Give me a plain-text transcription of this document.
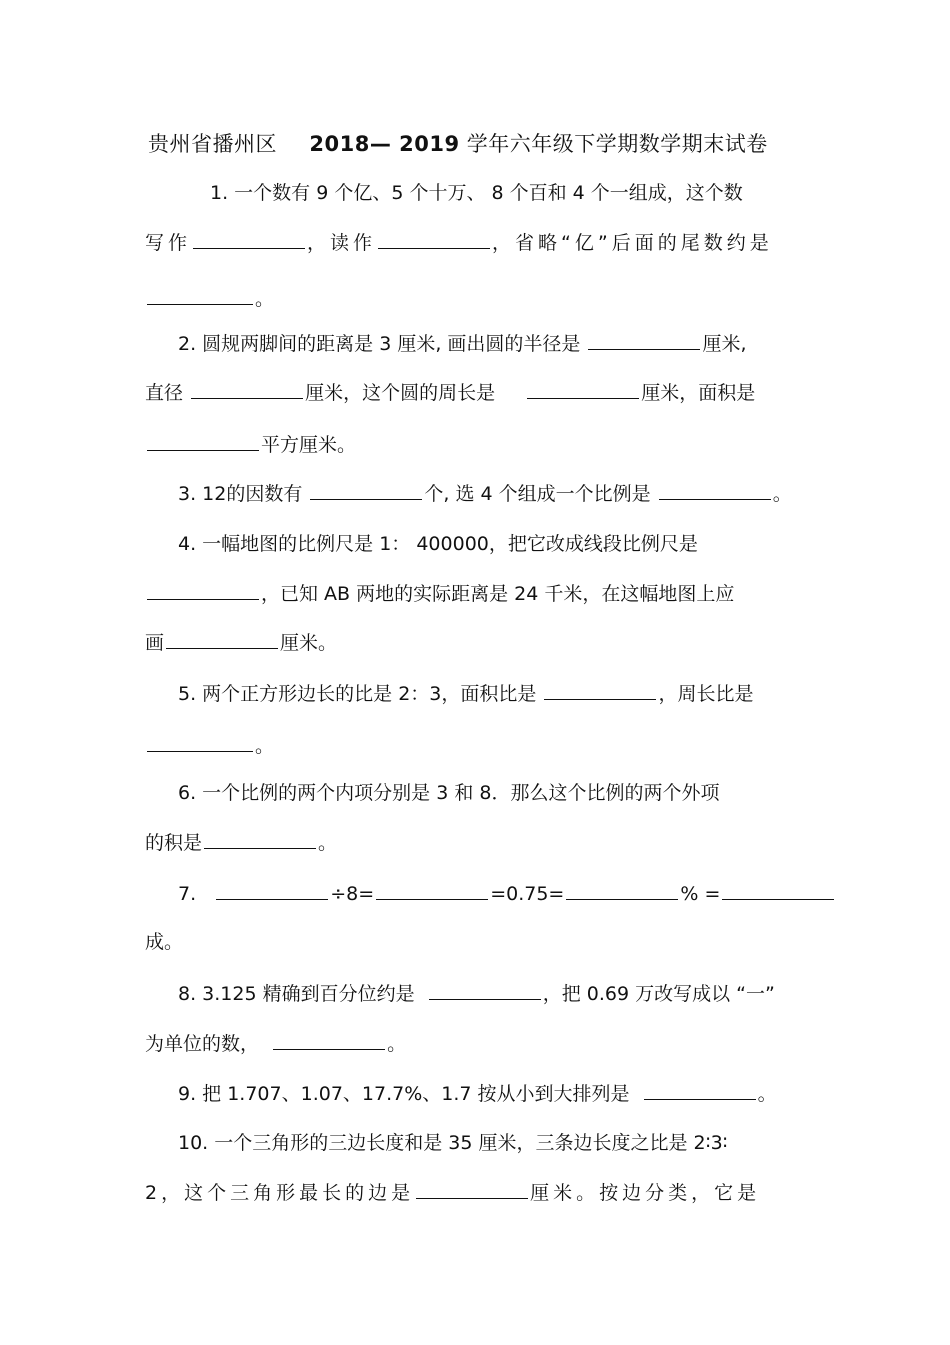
贵州省播州区 2018— 2019 学年六年级下学期数学期末试卷
1. 一个数有 9 个亿、5 个十万、 8 个百和 4 个一组成，这个数
写作	，读作	，省略“亿”后面的尾数约是
。
2. 圆规两脚间的距离是 3 厘米, 画出圆的半径是	厘米,
直径	厘米，这个圆的周长是	厘米，面积是
平方厘米。
3. 12的因数有	个, 选 4 个组成一个比例是	。
4. 一幅地图的比例尺是 1： 400000，把它改成线段比例尺是
，已知 AB 两地的实际距离是 24 千米，在这幅地图上应
画	厘米。
5. 两个正方形边长的比是 2：3，面积比是	，周长比是
。
6. 一个比例的两个内项分别是 3 和 8．那么这个比例的两个外项
的积是	。
7.	÷8=	=0.75=	% =
成。
8. 3.125 精确到百分位约是	，把 0.69 万改写成以 “一”
为单位的数，	。
9. 把 1.707、1.07、17.7%、1.7 按从小到大排列是	。
10. 一个三角形的三边长度和是 35 厘米，三条边长度之比是 2∶3∶
2，这个三角形最长的边是	厘米。按边分类，它是
